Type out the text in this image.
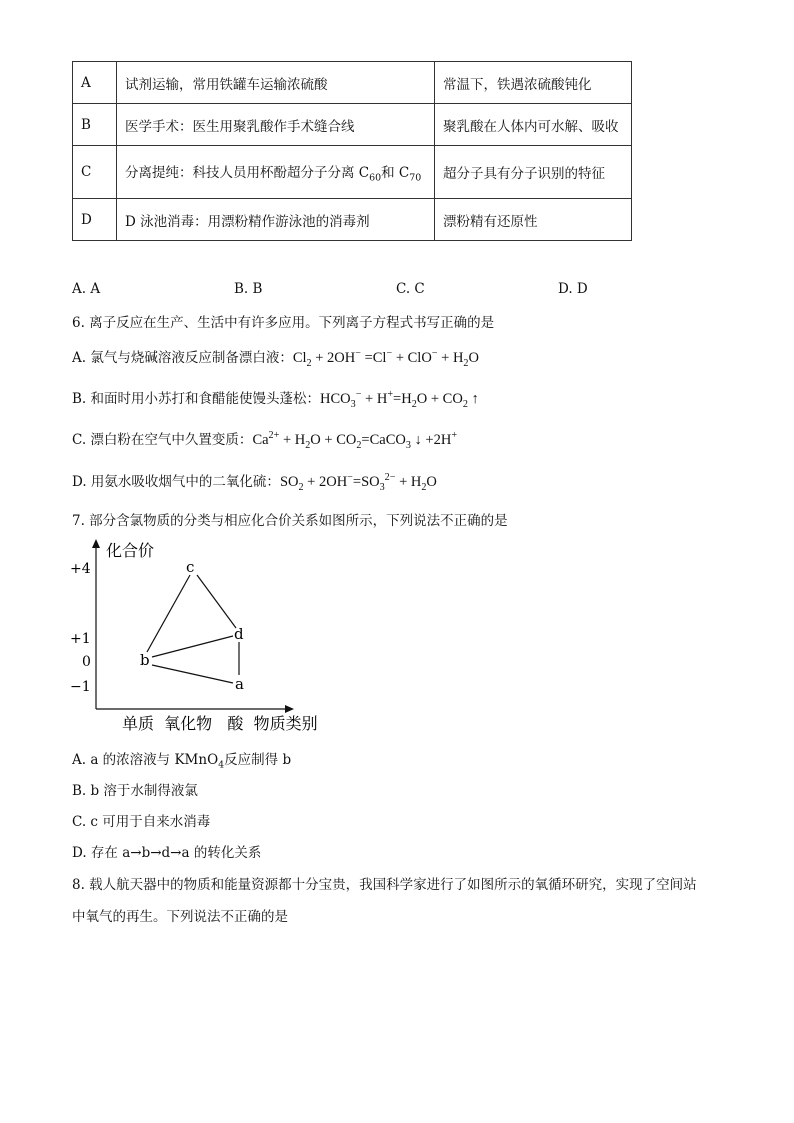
A	试剂运输，常用铁罐车运输浓硫酸	常温下，铁遇浓硫酸钝化
B	医学手术：医生用聚乳酸作手术缝合线	聚乳酸在人体内可水解、吸收
C	分离提纯：科技人员用杯酚超分子分离 $C_{60}$和 $C_{70}$	超分子具有分子识别的特征
D	D 泳池消毒：用漂粉精作游泳池的消毒剂	漂粉精有还原性
A. A	B. B	C. C	D. D
6. 离子反应在生产、生活中有许多应用。下列离子方程式书写正确的是
A. 氯气与烧碱溶液反应制备漂白液：$Cl_2 + 2OH^- =Cl^- + ClO^- + H_2O$
B. 和面时用小苏打和食醋能使馒头蓬松：$HCO_3^- + H^+=H_2O + CO_2$ ↑
C. 漂白粉在空气中久置变质：$Ca^{2+} + H_2O$ + $CO_2=CaCO_3$ ↓ +2H+
D. 用氨水吸收烟气中的二氧化硫：$SO_2 + 2OH^-=SO_3^{2-} + H_2O$
7. 部分含氯物质的分类与相应化合价关系如图所示，下列说法不正确的是
化合价
+4
+1
0
−1
c
d
b
a
单质  氧化物   酸  物质类别
A. a 的浓溶液与 KMnO$_4$反应制得 b
B. b 溶于水制得液氯
C. c 可用于自来水消毒
D. 存在 a→b→d→a 的转化关系
8. 载人航天器中的物质和能量资源都十分宝贵，我国科学家进行了如图所示的氧循环研究，实现了空间站
中氧气的再生。下列说法不正确的是
